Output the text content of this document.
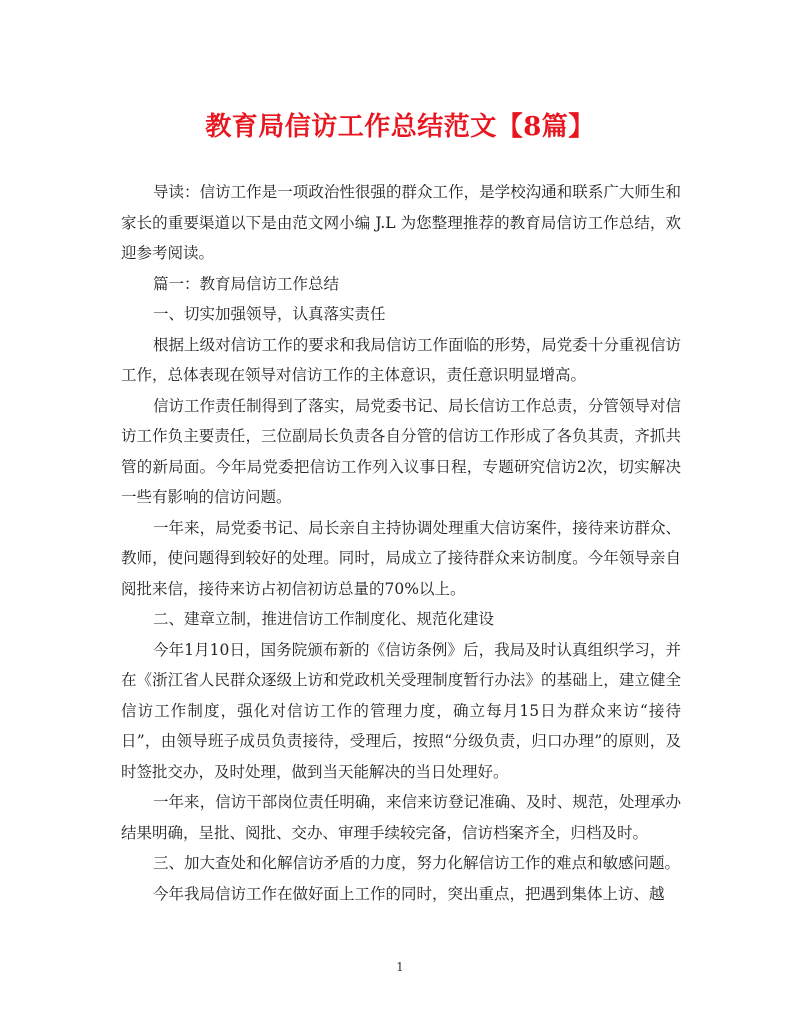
教育局信访工作总结范文【8篇】

导读：信访工作是一项政治性很强的群众工作，是学校沟通和联系广大师生和家长的重要渠道以下是由范文网小编 J.L 为您整理推荐的教育局信访工作总结，欢迎参考阅读。

篇一：教育局信访工作总结

一、切实加强领导，认真落实责任

根据上级对信访工作的要求和我局信访工作面临的形势，局党委十分重视信访工作，总体表现在领导对信访工作的主体意识，责任意识明显增高。

信访工作责任制得到了落实，局党委书记、局长信访工作总责，分管领导对信访工作负主要责任，三位副局长负责各自分管的信访工作形成了各负其责，齐抓共管的新局面。今年局党委把信访工作列入议事日程，专题研究信访2次，切实解决一些有影响的信访问题。

一年来，局党委书记、局长亲自主持协调处理重大信访案件，接待来访群众、教师，使问题得到较好的处理。同时，局成立了接待群众来访制度。今年领导亲自阅批来信，接待来访占初信初访总量的70%以上。

二、建章立制，推进信访工作制度化、规范化建设

今年1月10日，国务院颁布新的《信访条例》后，我局及时认真组织学习，并在《浙江省人民群众逐级上访和党政机关受理制度暂行办法》的基础上，建立健全信访工作制度，强化对信访工作的管理力度，确立每月15日为群众来访“接待日”，由领导班子成员负责接待，受理后，按照“分级负责，归口办理”的原则，及时签批交办，及时处理，做到当天能解决的当日处理好。

一年来，信访干部岗位责任明确，来信来访登记准确、及时、规范，处理承办结果明确，呈批、阅批、交办、审理手续较完备，信访档案齐全，归档及时。

三、加大查处和化解信访矛盾的力度，努力化解信访工作的难点和敏感问题。

今年我局信访工作在做好面上工作的同时，突出重点，把遇到集体上访、越

1
